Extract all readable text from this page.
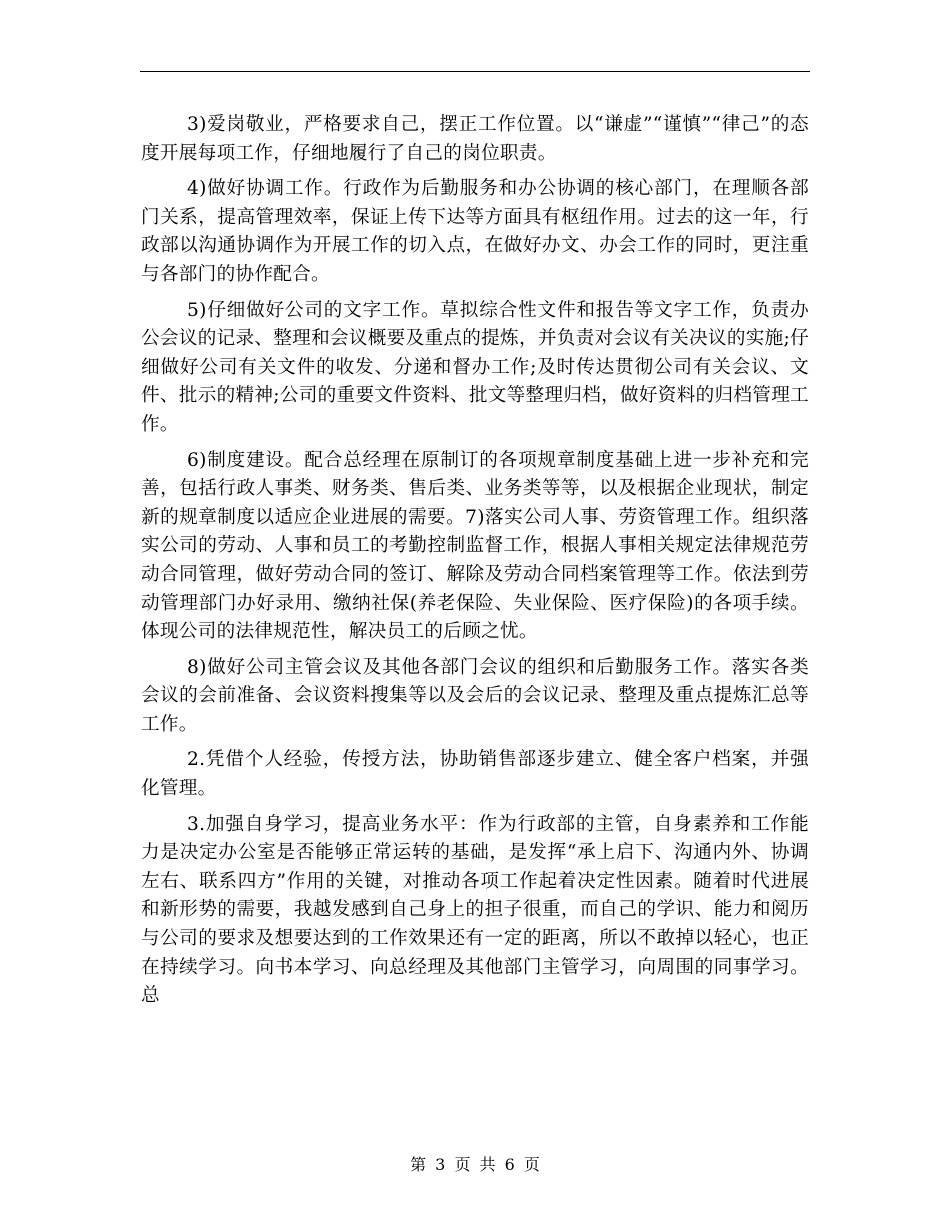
3)爱岗敬业，严格要求自己，摆正工作位置。以“谦虚”“谨慎”“律己”的态度开展每项工作，仔细地履行了自己的岗位职责。

4)做好协调工作。行政作为后勤服务和办公协调的核心部门，在理顺各部门关系，提高管理效率，保证上传下达等方面具有枢纽作用。过去的这一年，行政部以沟通协调作为开展工作的切入点，在做好办文、办会工作的同时，更注重与各部门的协作配合。

5)仔细做好公司的文字工作。草拟综合性文件和报告等文字工作，负责办公会议的记录、整理和会议概要及重点的提炼，并负责对会议有关决议的实施;仔细做好公司有关文件的收发、分递和督办工作;及时传达贯彻公司有关会议、文件、批示的精神;公司的重要文件资料、批文等整理归档，做好资料的归档管理工作。

6)制度建设。配合总经理在原制订的各项规章制度基础上进一步补充和完善，包括行政人事类、财务类、售后类、业务类等等，以及根据企业现状，制定新的规章制度以适应企业进展的需要。7)落实公司人事、劳资管理工作。组织落实公司的劳动、人事和员工的考勤控制监督工作，根据人事相关规定法律规范劳动合同管理，做好劳动合同的签订、解除及劳动合同档案管理等工作。依法到劳动管理部门办好录用、缴纳社保(养老保险、失业保险、医疗保险)的各项手续。体现公司的法律规范性，解决员工的后顾之忧。

8)做好公司主管会议及其他各部门会议的组织和后勤服务工作。落实各类会议的会前准备、会议资料搜集等以及会后的会议记录、整理及重点提炼汇总等工作。

2.凭借个人经验，传授方法，协助销售部逐步建立、健全客户档案，并强化管理。

3.加强自身学习，提高业务水平：作为行政部的主管，自身素养和工作能力是决定办公室是否能够正常运转的基础，是发挥“承上启下、沟通内外、协调左右、联系四方”作用的关键，对推动各项工作起着决定性因素。随着时代进展和新形势的需要，我越发感到自己身上的担子很重，而自己的学识、能力和阅历与公司的要求及想要达到的工作效果还有一定的距离，所以不敢掉以轻心，也正在持续学习。向书本学习、向总经理及其他部门主管学习，向周围的同事学习。总

第 3 页 共 6 页
